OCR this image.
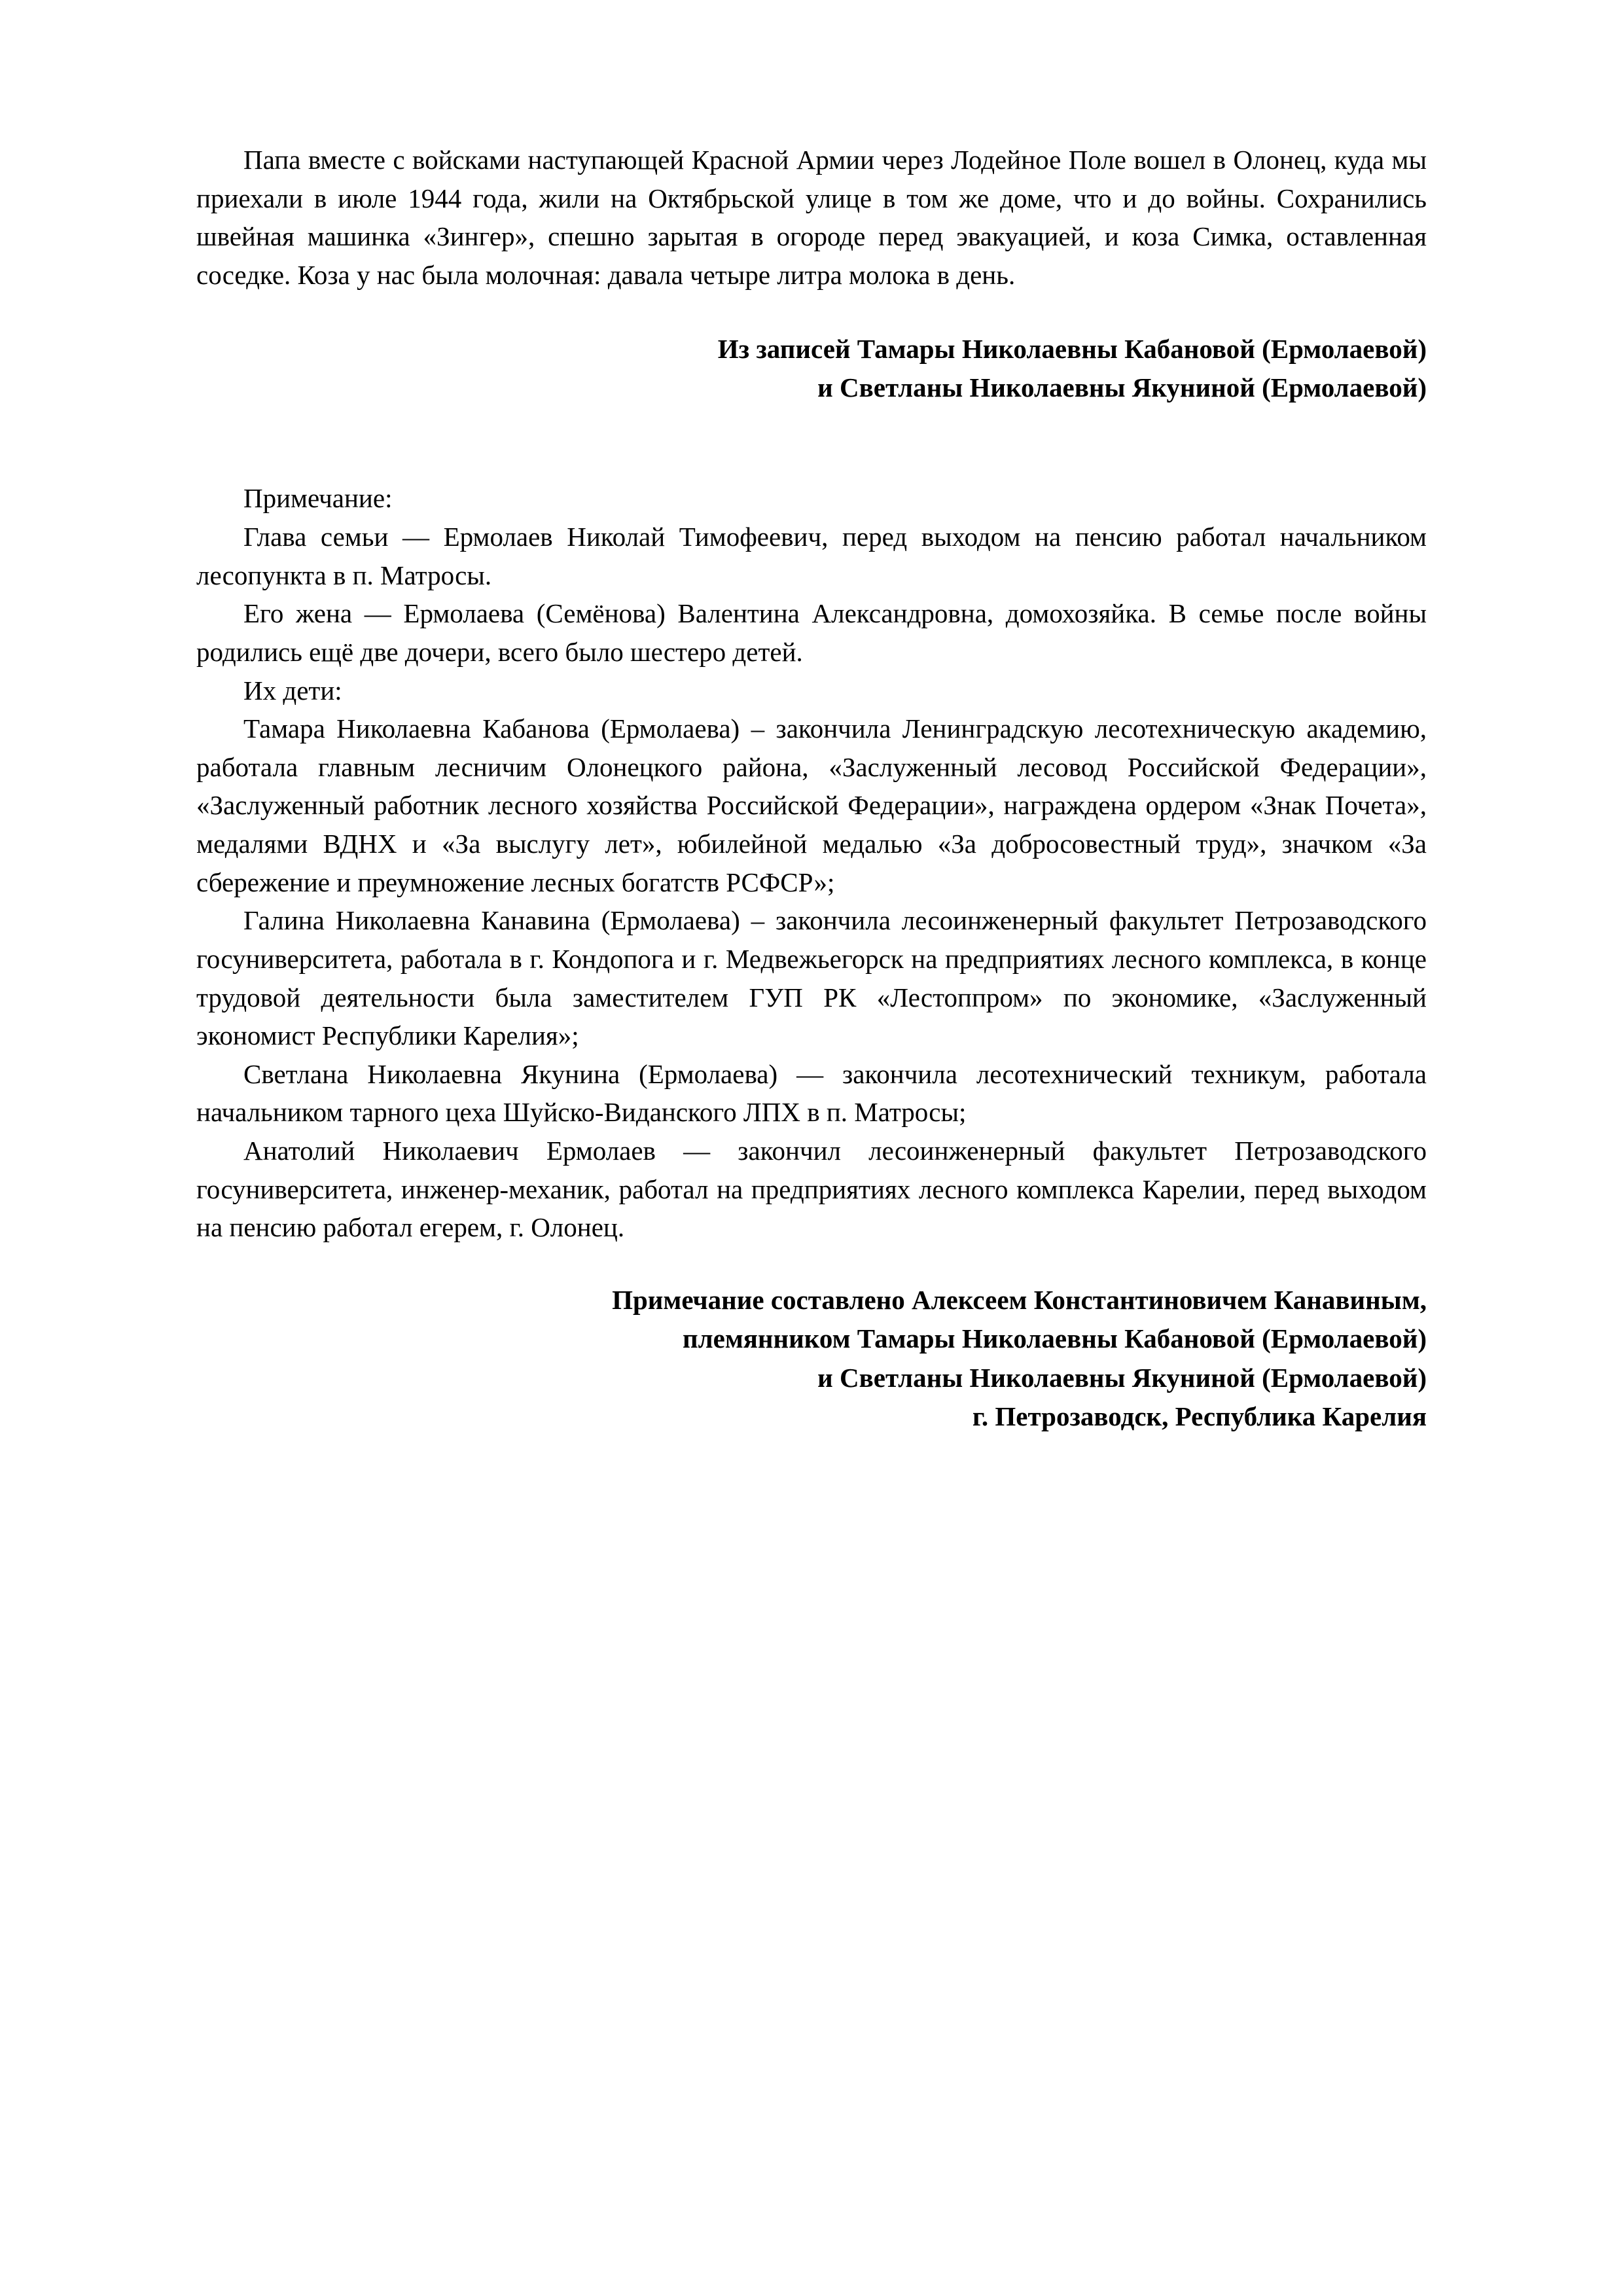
Папа вместе с войсками наступающей Красной Армии через Лодейное Поле вошел в Олонец, куда мы приехали в июле 1944 года, жили на Октябрьской улице в том же доме, что и до войны. Сохранились швейная машинка «Зингер», спешно зарытая в огороде перед эвакуацией, и коза Симка, оставленная соседке. Коза у нас была молочная: давала четыре литра молока в день.

Из записей Тамары Николаевны Кабановой (Ермолаевой)

и Светланы Николаевны Якуниной (Ермолаевой)

Примечание:

Глава семьи — Ермолаев Николай Тимофеевич, перед выходом на пенсию работал начальником лесопункта в п. Матросы.

Его жена — Ермолаева (Семёнова) Валентина Александровна, домохозяйка. В семье после войны родились ещё две дочери, всего было шестеро детей.

Их дети:

Тамара Николаевна Кабанова (Ермолаева) – закончила Ленинградскую лесотехническую академию, работала главным лесничим Олонецкого района, «Заслуженный лесовод Российской Федерации», «Заслуженный работник лесного хозяйства Российской Федерации», награждена ордером «Знак Почета», медалями ВДНХ и «За выслугу лет», юбилейной медалью «За добросовестный труд», значком «За сбережение и преумножение лесных богатств РСФСР»;

Галина Николаевна Канавина (Ермолаева) – закончила лесоинженерный факультет Петрозаводского госуниверситета, работала в г. Кондопога и г. Медвежьегорск на предприятиях лесного комплекса, в конце трудовой деятельности была заместителем ГУП РК «Лестоппром» по экономике, «Заслуженный экономист Республики Карелия»;

Светлана Николаевна Якунина (Ермолаева) — закончила лесотехнический техникум, работала начальником тарного цеха Шуйско-Виданского ЛПХ в п. Матросы;

Анатолий Николаевич Ермолаев — закончил лесоинженерный факультет Петрозаводского госуниверситета, инженер-механик, работал на предприятиях лесного комплекса Карелии, перед выходом на пенсию работал егерем, г. Олонец.

Примечание составлено Алексеем Константиновичем Канавиным,

племянником Тамары Николаевны Кабановой (Ермолаевой)

и Светланы Николаевны Якуниной (Ермолаевой)

г. Петрозаводск, Республика Карелия
